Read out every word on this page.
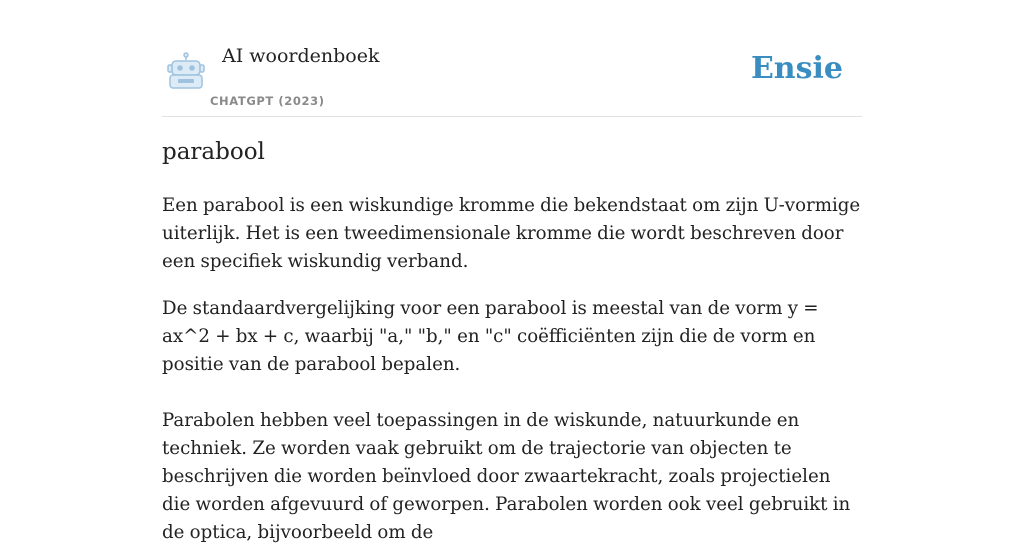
AI woordenboek
CHATGPT (2023)
Ensie
parabool

Een parabool is een wiskundige kromme die bekendstaat om zijn U-vormige uiterlijk. Het is een tweedimensionale kromme die wordt beschreven door een specifiek wiskundig verband.

De standaardvergelijking voor een parabool is meestal van de vorm y = ax^2 + bx + c, waarbij "a," "b," en "c" coëfficiënten zijn die de vorm en positie van de parabool bepalen.

Parabolen hebben veel toepassingen in de wiskunde, natuurkunde en techniek. Ze worden vaak gebruikt om de trajectorie van objecten te beschrijven die worden beïnvloed door zwaartekracht, zoals projectielen die worden afgevuurd of geworpen. Parabolen worden ook veel gebruikt in de optica, bijvoorbeeld om de
